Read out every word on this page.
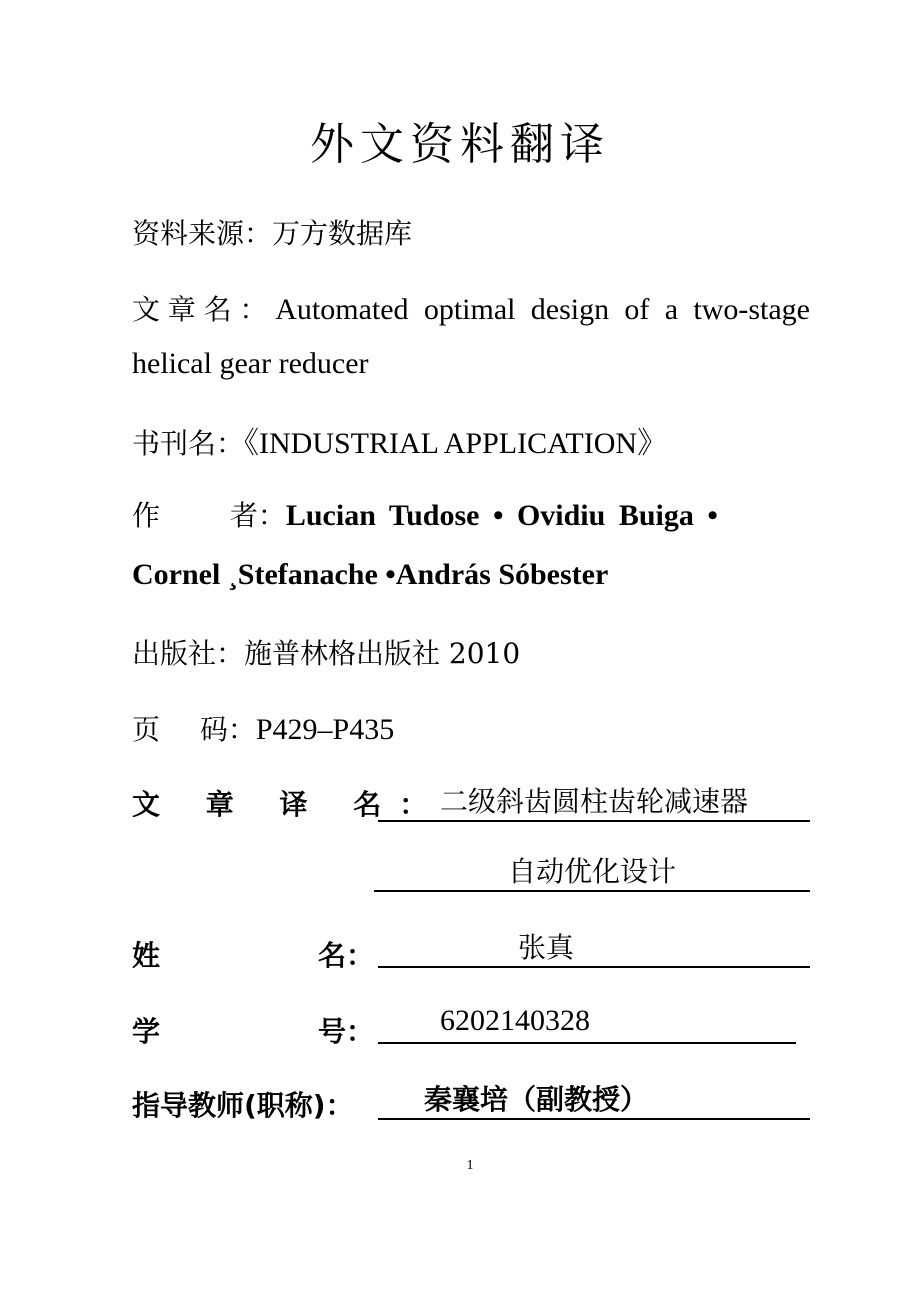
外文资料翻译
资料来源：万方数据库
文章名：Automated optimal design of a two-stage
helical gear reducer
书刊名：《INDUSTRIAL APPLICATION》
作 者：Lucian Tudose • Ovidiu Buiga •
Cornel ¸Stefanache •András Sóbester
出版社：施普林格出版社 2010
页 码：P429–P435
文 章 译 名：
二级斜齿圆柱齿轮减速器
自动优化设计
姓	名：	张真
学	号： 6202140328
指导教师(职称)：	秦襄培（副教授）
1
